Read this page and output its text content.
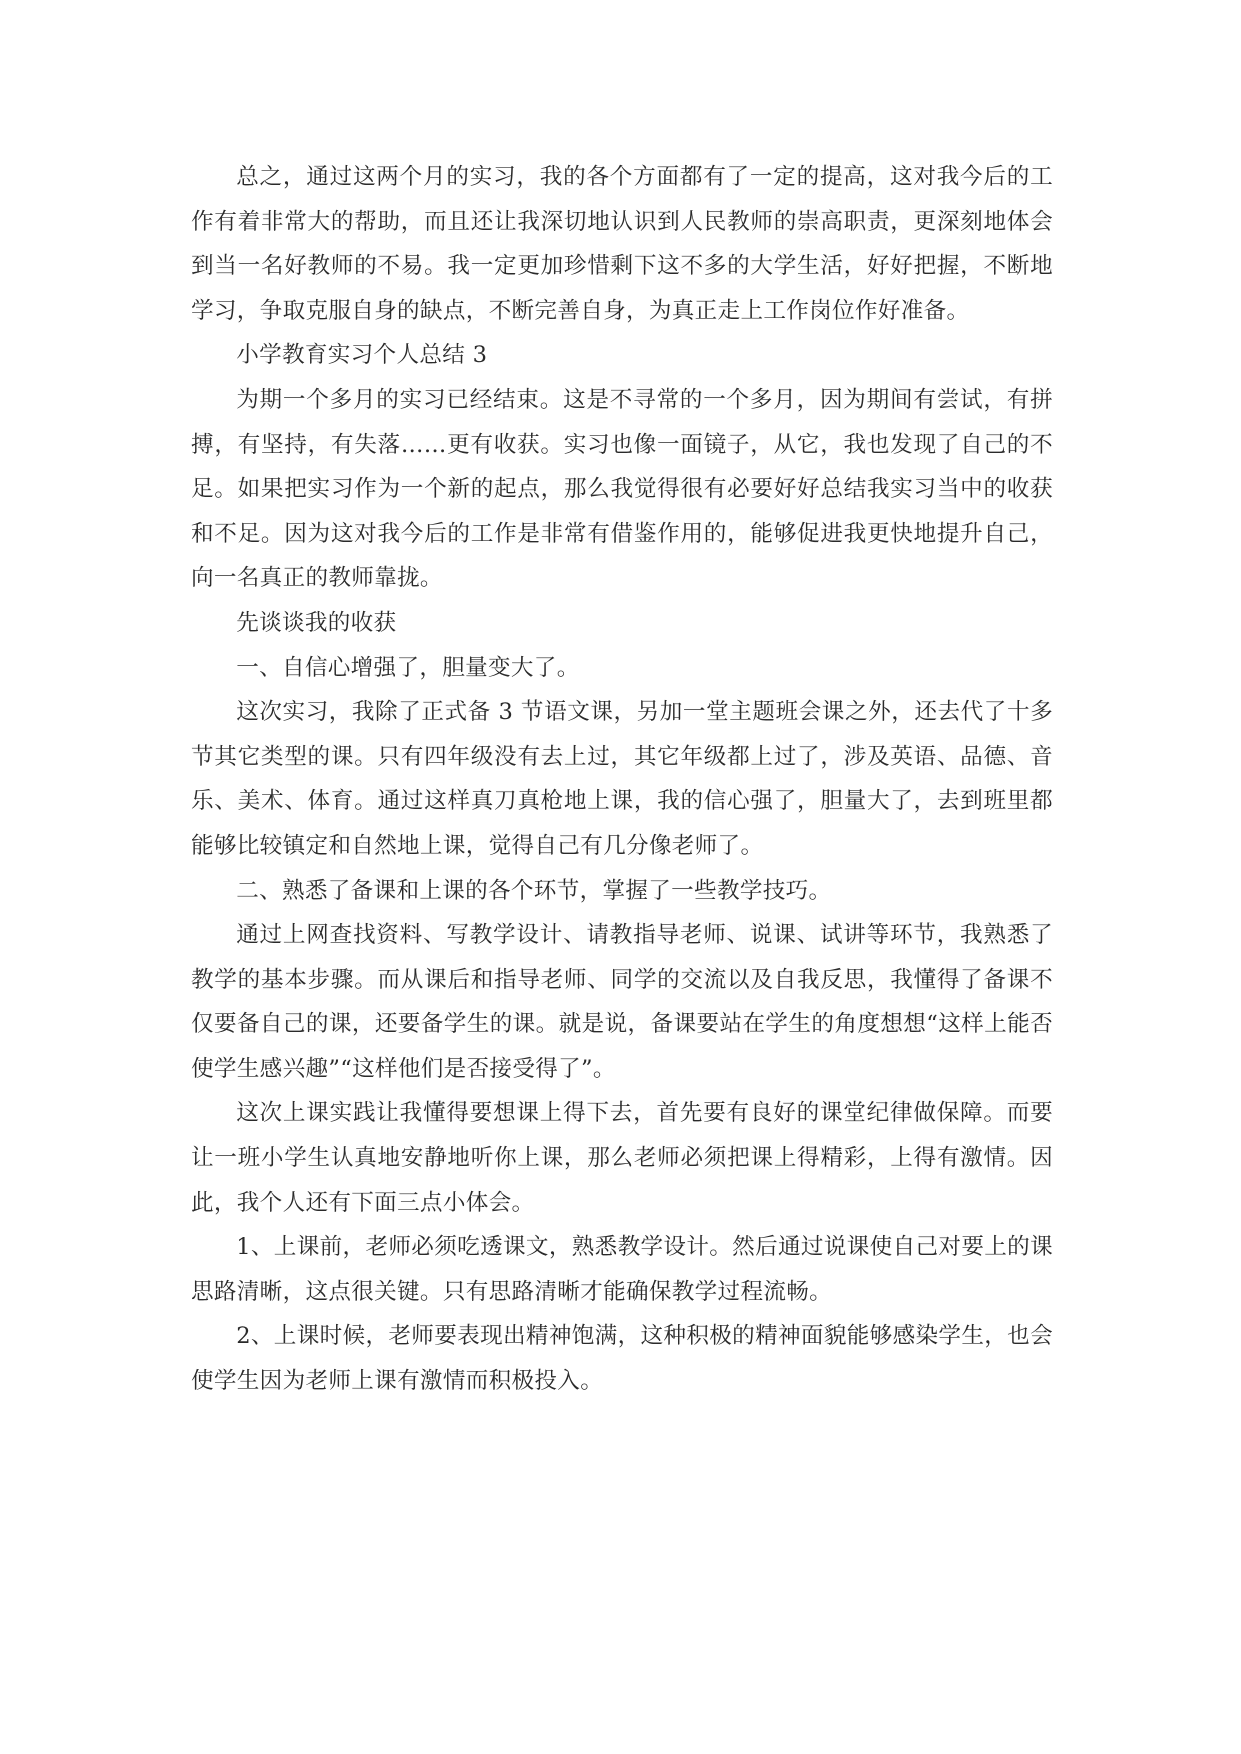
总之，通过这两个月的实习，我的各个方面都有了一定的提高，这对我今后的工作有着非常大的帮助，而且还让我深切地认识到人民教师的崇高职责，更深刻地体会到当一名好教师的不易。我一定更加珍惜剩下这不多的大学生活，好好把握，不断地学习，争取克服自身的缺点，不断完善自身，为真正走上工作岗位作好准备。

小学教育实习个人总结 3

为期一个多月的实习已经结束。这是不寻常的一个多月，因为期间有尝试，有拼搏，有坚持，有失落……更有收获。实习也像一面镜子，从它，我也发现了自己的不足。如果把实习作为一个新的起点，那么我觉得很有必要好好总结我实习当中的收获和不足。因为这对我今后的工作是非常有借鉴作用的，能够促进我更快地提升自己，向一名真正的教师靠拢。

先谈谈我的收获

一、自信心增强了，胆量变大了。

这次实习，我除了正式备 3 节语文课，另加一堂主题班会课之外，还去代了十多节其它类型的课。只有四年级没有去上过，其它年级都上过了，涉及英语、品德、音乐、美术、体育。通过这样真刀真枪地上课，我的信心强了，胆量大了，去到班里都能够比较镇定和自然地上课，觉得自己有几分像老师了。

二、熟悉了备课和上课的各个环节，掌握了一些教学技巧。

通过上网查找资料、写教学设计、请教指导老师、说课、试讲等环节，我熟悉了教学的基本步骤。而从课后和指导老师、同学的交流以及自我反思，我懂得了备课不仅要备自己的课，还要备学生的课。就是说，备课要站在学生的角度想想“这样上能否使学生感兴趣”“这样他们是否接受得了”。

这次上课实践让我懂得要想课上得下去，首先要有良好的课堂纪律做保障。而要让一班小学生认真地安静地听你上课，那么老师必须把课上得精彩，上得有激情。因此，我个人还有下面三点小体会。

1、上课前，老师必须吃透课文，熟悉教学设计。然后通过说课使自己对要上的课思路清晰，这点很关键。只有思路清晰才能确保教学过程流畅。

2、上课时候，老师要表现出精神饱满，这种积极的精神面貌能够感染学生，也会使学生因为老师上课有激情而积极投入。
